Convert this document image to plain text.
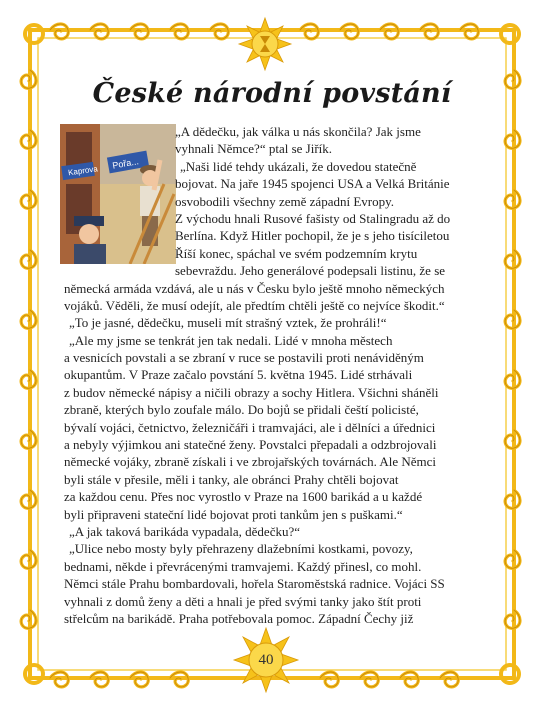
České národní povstání
Kaprova
Pořa...
„A dědečku, jak válka u nás skončila? Jak jsme
vyhnali Němce?“ ptal se Jiřík.
„Naši lidé tehdy ukázali, že dovedou statečně
bojovat. Na jaře 1945 spojenci USA a Velká Británie
osvobodili všechny země západní Evropy.
Z východu hnali Rusové fašisty od Stalingradu až do
Berlína. Když Hitler pochopil, že je s jeho tisíciletou
Říší konec, spáchal ve svém podzemním krytu
sebevraždu. Jeho generálové podepsali listinu, že se
německá armáda vzdává, ale u nás v Česku bylo ještě mnoho německých
vojáků. Věděli, že musí odejít, ale předtím chtěli ještě co nejvíce škodit.“
„To je jasné, dědečku, museli mít strašný vztek, že prohráli!“
„Ale my jsme se tenkrát jen tak nedali. Lidé v mnoha městech
a vesnicích povstali a se zbraní v ruce se postavili proti nenáviděným
okupantům. V Praze začalo povstání 5. května 1945. Lidé strhávali
z budov německé nápisy a ničili obrazy a sochy Hitlera. Všichni sháněli
zbraně, kterých bylo zoufale málo. Do bojů se přidali čeští policisté,
bývalí vojáci, četnictvo, železničáři i tramvajáci, ale i dělníci a úřednici
a nebyly výjimkou ani statečné ženy. Povstalci přepadali a odzbrojovali
německé vojáky, zbraně získali i ve zbrojařských továrnách. Ale Němci
byli stále v přesile, měli i tanky, ale obránci Prahy chtěli bojovat
za každou cenu. Přes noc vyrostlo v Praze na 1600 barikád a u každé
byli připraveni stateční lidé bojovat proti tankům jen s puškami.“
„A jak taková barikáda vypadala, dědečku?“
„Ulice nebo mosty byly přehrazeny dlažebními kostkami, povozy,
bednami, někde i převrácenými tramvajemi. Každý přinesl, co mohl.
Němci stále Prahu bombardovali, hořela Staroměstská radnice. Vojáci SS
vyhnali z domů ženy a děti a hnali je před svými tanky jako štít proti
střelcům na barikádě. Praha potřebovala pomoc. Západní Čechy již
40
